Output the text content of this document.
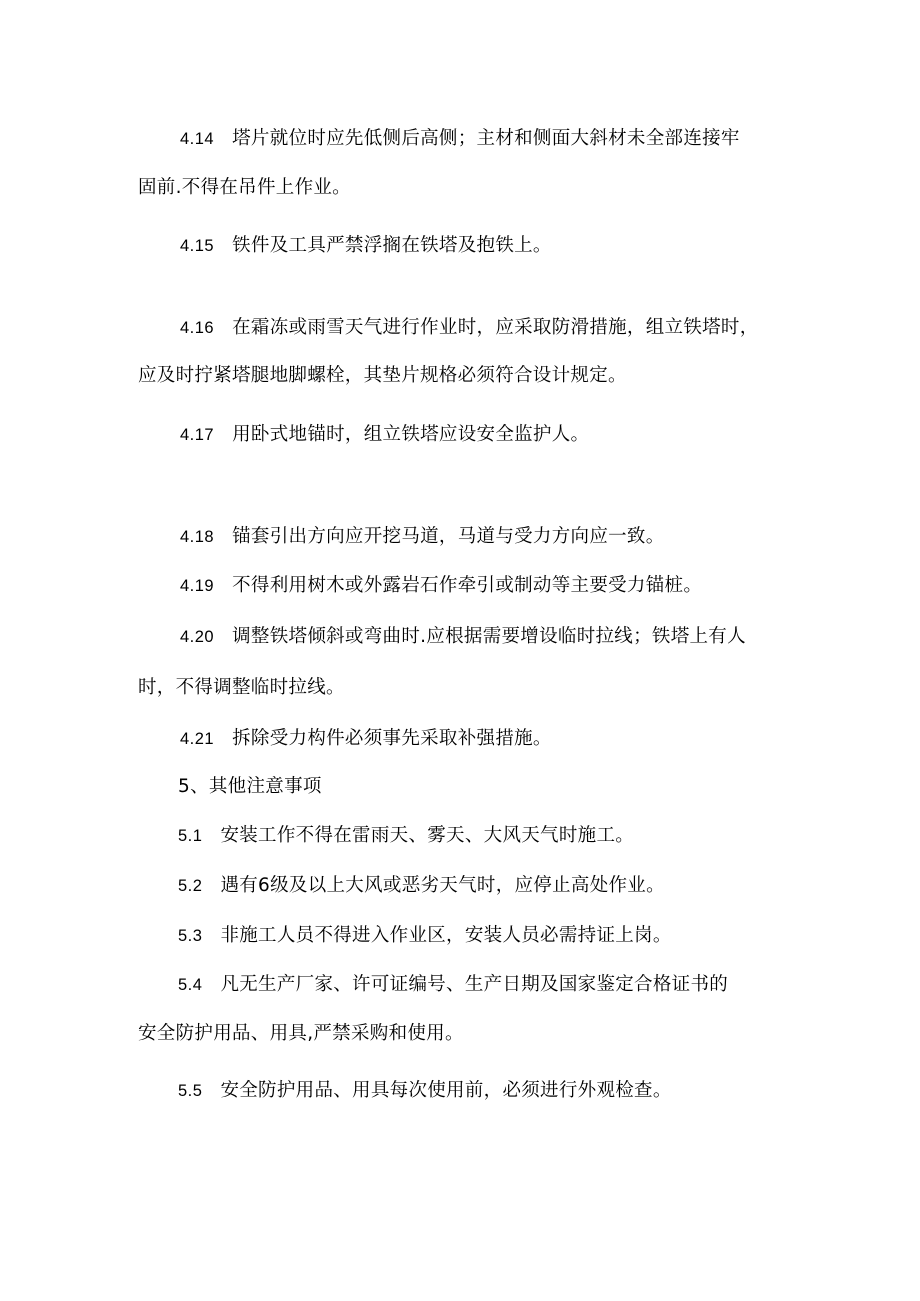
4.14 塔片就位时应先低侧后高侧；主材和侧面大斜材未全部连接牢
固前.不得在吊件上作业。
4.15 铁件及工具严禁浮搁在铁塔及抱铁上。
4.16 在霜冻或雨雪天气进行作业时，应采取防滑措施，组立铁塔时，
应及时拧紧塔腿地脚螺栓，其垫片规格必须符合设计规定。
4.17 用卧式地锚时，组立铁塔应设安全监护人。
4.18 锚套引出方向应开挖马道，马道与受力方向应一致。
4.19 不得利用树木或外露岩石作牵引或制动等主要受力锚桩。
4.20 调整铁塔倾斜或弯曲时.应根据需要增设临时拉线；铁塔上有人
时，不得调整临时拉线。
4.21 拆除受力构件必须事先采取补强措施。
5、其他注意事项
5.1 安装工作不得在雷雨天、雾天、大风天气时施工。
5.2 遇有6级及以上大风或恶劣天气时，应停止高处作业。
5.3 非施工人员不得进入作业区，安装人员必需持证上岗。
5.4 凡无生产厂家、许可证编号、生产日期及国家鉴定合格证书的
安全防护用品、用具,严禁采购和使用。
5.5 安全防护用品、用具每次使用前，必须进行外观检查。
